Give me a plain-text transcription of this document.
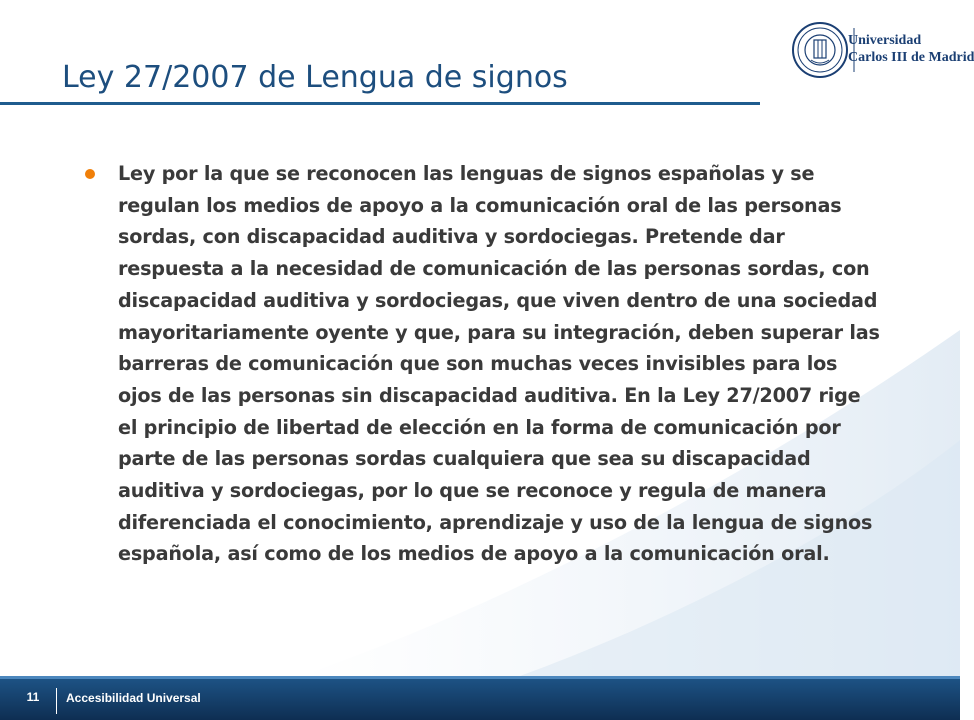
Ley 27/2007 de Lengua de signos
Universidad
Carlos III de Madrid
Ley por la que se reconocen las lenguas de signos españolas y se regulan los medios de apoyo a la comunicación oral de las personas sordas, con discapacidad auditiva y sordociegas. Pretende dar respuesta a la necesidad de comunicación de las personas sordas, con discapacidad auditiva y sordociegas, que viven dentro de una sociedad mayoritariamente oyente y que, para su integración, deben superar las barreras de comunicación que son muchas veces invisibles para los ojos de las personas sin discapacidad auditiva. En la Ley 27/2007 rige el principio de libertad de elección en la forma de comunicación por parte de las personas sordas cualquiera que sea su discapacidad auditiva y sordociegas, por lo que se reconoce y regula de manera diferenciada el conocimiento, aprendizaje y uso de la lengua de signos española, así como de los medios de apoyo a la comunicación oral.
11	Accesibilidad Universal
